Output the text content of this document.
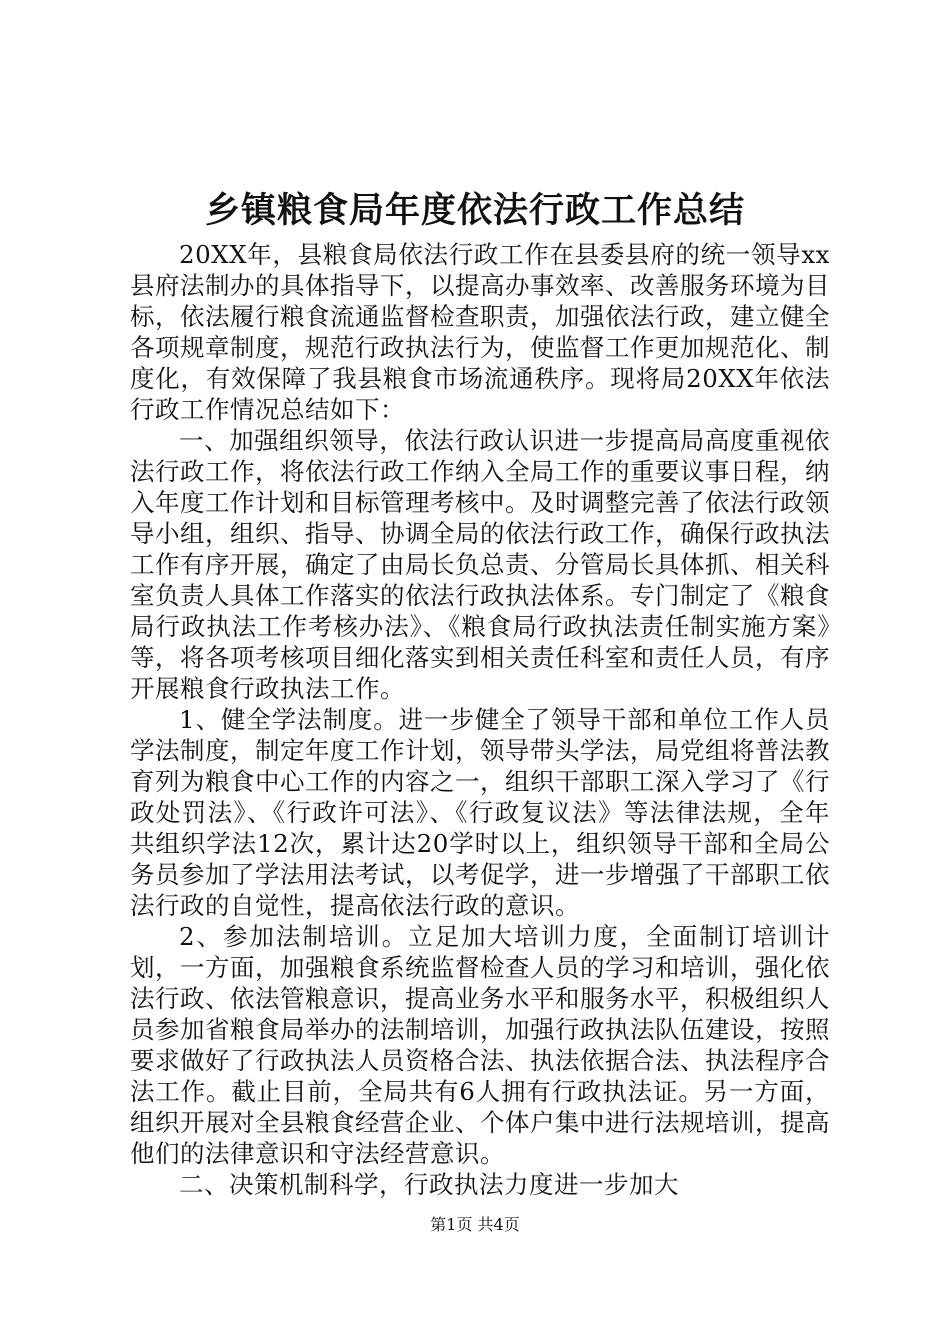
乡镇粮食局年度依法行政工作总结

20XX年，县粮食局依法行政工作在县委县府的统一领导xx县府法制办的具体指导下，以提高办事效率、改善服务环境为目标，依法履行粮食流通监督检查职责，加强依法行政，建立健全各项规章制度，规范行政执法行为，使监督工作更加规范化、制度化，有效保障了我县粮食市场流通秩序。现将局20XX年依法行政工作情况总结如下：

一、加强组织领导，依法行政认识进一步提高局高度重视依法行政工作，将依法行政工作纳入全局工作的重要议事日程，纳入年度工作计划和目标管理考核中。及时调整完善了依法行政领导小组，组织、指导、协调全局的依法行政工作，确保行政执法工作有序开展，确定了由局长负总责、分管局长具体抓、相关科室负责人具体工作落实的依法行政执法体系。专门制定了《粮食局行政执法工作考核办法》、《粮食局行政执法责任制实施方案》等，将各项考核项目细化落实到相关责任科室和责任人员，有序开展粮食行政执法工作。

1、健全学法制度。进一步健全了领导干部和单位工作人员学法制度，制定年度工作计划，领导带头学法，局党组将普法教育列为粮食中心工作的内容之一，组织干部职工深入学习了《行政处罚法》、《行政许可法》、《行政复议法》等法律法规，全年共组织学法12次，累计达20学时以上，组织领导干部和全局公务员参加了学法用法考试，以考促学，进一步增强了干部职工依法行政的自觉性，提高依法行政的意识。

2、参加法制培训。立足加大培训力度，全面制订培训计划，一方面，加强粮食系统监督检查人员的学习和培训，强化依法行政、依法管粮意识，提高业务水平和服务水平，积极组织人员参加省粮食局举办的法制培训，加强行政执法队伍建设，按照要求做好了行政执法人员资格合法、执法依据合法、执法程序合法工作。截止目前，全局共有6人拥有行政执法证。另一方面，组织开展对全县粮食经营企业、个体户集中进行法规培训，提高他们的法律意识和守法经营意识。

二、决策机制科学，行政执法力度进一步加大

第1页 共4页
